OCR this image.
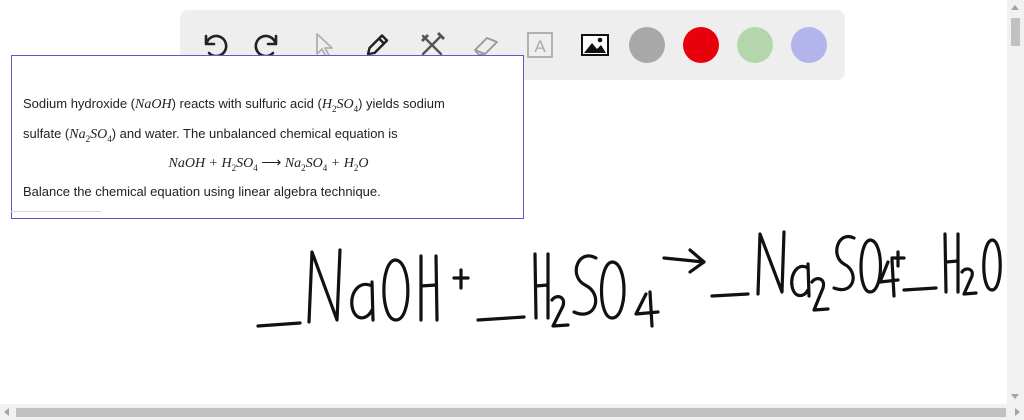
A
Sodium hydroxide (NaOH) reacts with sulfuric acid $(H_2SO_4)$ yields sodium
sulfate $(Na_2SO_4)$ and water. The unbalanced chemical equation is
NaOH + $H_2SO_4$ ⟶ $Na_2SO_4 + H_2O$
Balance the chemical equation using linear algebra technique.
